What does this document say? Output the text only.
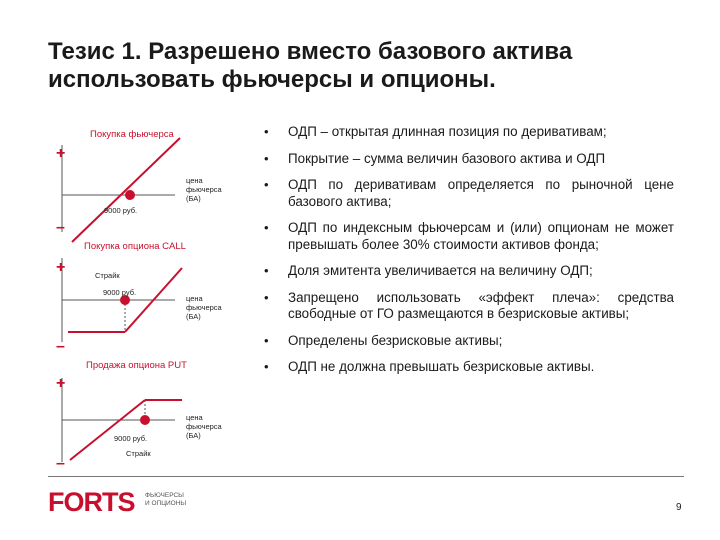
Тезис 1. Разрешено вместо базового актива
использовать фьючерсы и опционы.
+
–
+
–
+
–
Покупка фьючерса
9000 руб.
цена
фьючерса
(БА)
Покупка опциона CALL
Страйк
9000 руб.
цена
фьючерса
(БА)
Продажа опциона PUT
9000 руб.
Страйк
цена
фьючерса
(БА)
• ОДП – открытая длинная позиция по деривативам;
• Покрытие – сумма величин базового актива и ОДП
• ОДП по деривативам определяется по рыночной цене базового актива;
• ОДП по индексным фьючерсам и (или) опционам не может превышать более 30% стоимости активов фонда;
• Доля эмитента увеличивается на величину ОДП;
• Запрещено использовать «эффект плеча»: средства свободные от ГО размещаются в безрисковые активы;
• Определены безрисковые активы;
• ОДП не должна превышать безрисковые активы.
FORTS ФЬЮЧЕРСЫ
И ОПЦИОНЫ	9
